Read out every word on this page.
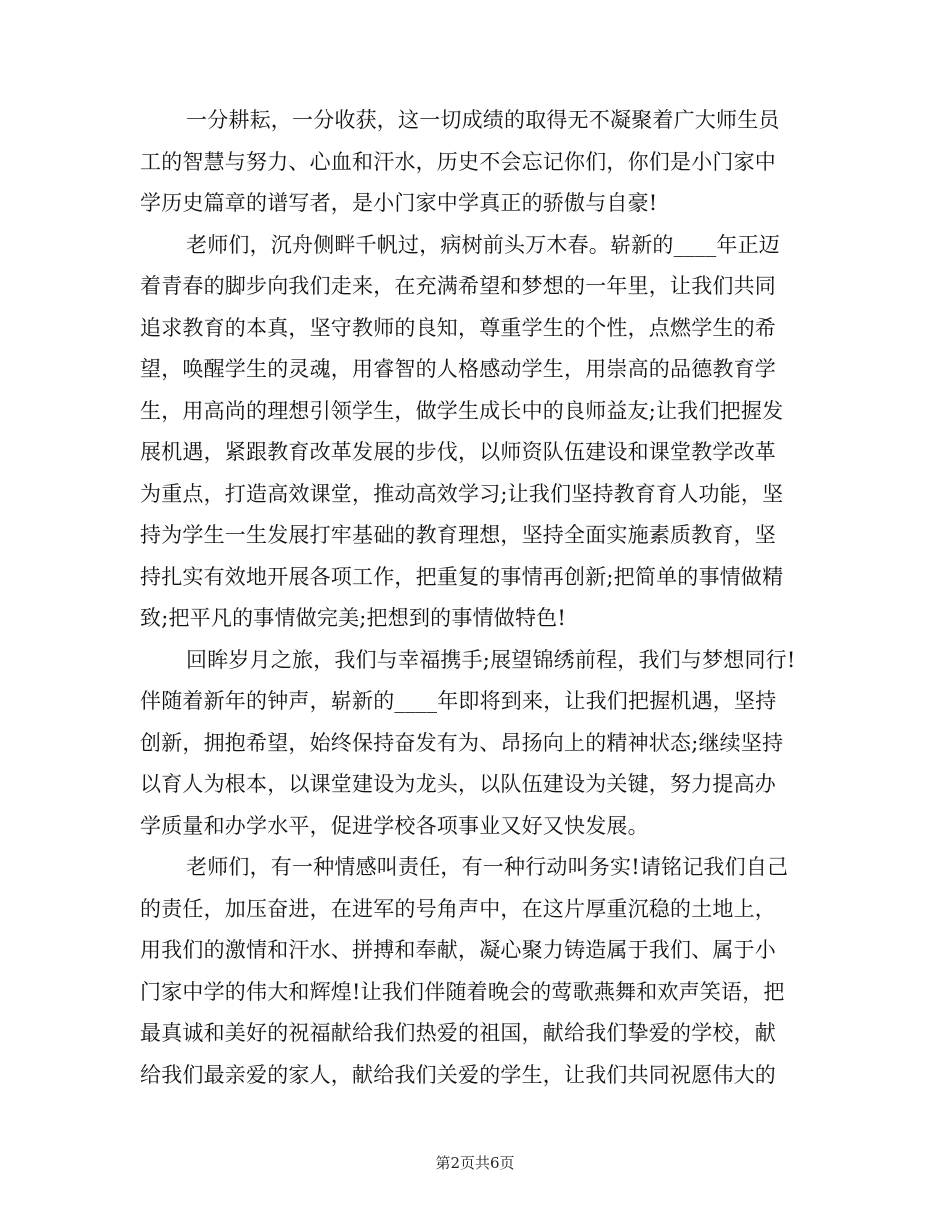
一分耕耘，一分收获，这一切成绩的取得无不凝聚着广大师生员
工的智慧与努力、心血和汗水，历史不会忘记你们，你们是小门家中
学历史篇章的谱写者，是小门家中学真正的骄傲与自豪!

老师们，沉舟侧畔千帆过，病树前头万木春。崭新的____年正迈
着青春的脚步向我们走来，在充满希望和梦想的一年里，让我们共同
追求教育的本真，坚守教师的良知，尊重学生的个性，点燃学生的希
望，唤醒学生的灵魂，用睿智的人格感动学生，用崇高的品德教育学
生，用高尚的理想引领学生，做学生成长中的良师益友;让我们把握发
展机遇，紧跟教育改革发展的步伐，以师资队伍建设和课堂教学改革
为重点，打造高效课堂，推动高效学习;让我们坚持教育育人功能，坚
持为学生一生发展打牢基础的教育理想，坚持全面实施素质教育，坚
持扎实有效地开展各项工作，把重复的事情再创新;把简单的事情做精
致;把平凡的事情做完美;把想到的事情做特色!

回眸岁月之旅，我们与幸福携手;展望锦绣前程，我们与梦想同行!
伴随着新年的钟声，崭新的____年即将到来，让我们把握机遇，坚持
创新，拥抱希望，始终保持奋发有为、昂扬向上的精神状态;继续坚持
以育人为根本，以课堂建设为龙头，以队伍建设为关键，努力提高办
学质量和办学水平，促进学校各项事业又好又快发展。

老师们，有一种情感叫责任，有一种行动叫务实!请铭记我们自己
的责任，加压奋进，在进军的号角声中，在这片厚重沉稳的土地上，
用我们的激情和汗水、拼搏和奉献，凝心聚力铸造属于我们、属于小
门家中学的伟大和辉煌!让我们伴随着晚会的莺歌燕舞和欢声笑语，把
最真诚和美好的祝福献给我们热爱的祖国，献给我们挚爱的学校，献
给我们最亲爱的家人，献给我们关爱的学生，让我们共同祝愿伟大的

第2页共6页
